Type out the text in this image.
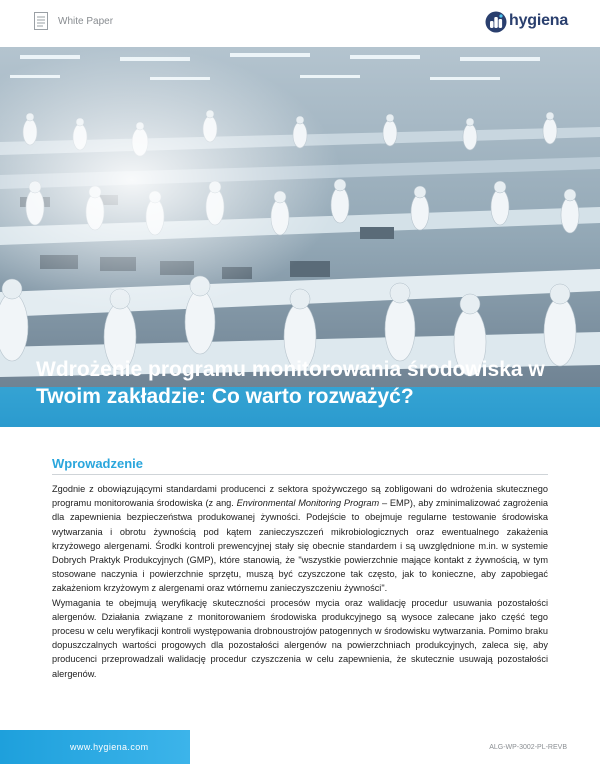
White Paper	hygiena
Wdrożenie programu monitorowania środowiska w Twoim zakładzie: Co warto rozważyć?
Wprowadzenie

Zgodnie z obowiązującymi standardami producenci z sektora spożywczego są zobligowani do wdrożenia skutecznego programu monitorowania środowiska (z ang. Environmental Monitoring Program – EMP), aby zminimalizować zagrożenia dla zapewnienia bezpieczeństwa produkowanej żywności. Podejście to obejmuje regularne testowanie środowiska wytwarzania i obrotu żywnością pod kątem zanieczyszczeń mikrobiologicznych oraz ewentualnego zakażenia krzyżowego alergenami. Środki kontroli prewencyjnej stały się obecnie standardem i są uwzględnione m.in. w systemie Dobrych Praktyk Produkcyjnych (GMP), które stanowią, że "wszystkie powierzchnie mające kontakt z żywnością, w tym stosowane naczynia i powierzchnie sprzętu, muszą być czyszczone tak często, jak to konieczne, aby zapobiegać zakażeniom krzyżowym z alergenami oraz wtórnemu zanieczyszczeniu żywności".

Wymagania te obejmują weryfikację skuteczności procesów mycia oraz walidację procedur usuwania pozostałości alergenów. Działania związane z monitorowaniem środowiska produkcyjnego są wysoce zalecane jako część tego procesu w celu weryfikacji kontroli występowania drobnoustrojów patogennych w środowisku wytwarzania. Pomimo braku dopuszczalnych wartości progowych dla pozostałości alergenów na powierzchniach produkcyjnych, zaleca się, aby producenci przeprowadzali walidację procedur czyszczenia w celu zapewnienia, że skutecznie usuwają pozostałości alergenów.

www.hygiena.com	ALG-WP-3002-PL-REVB
